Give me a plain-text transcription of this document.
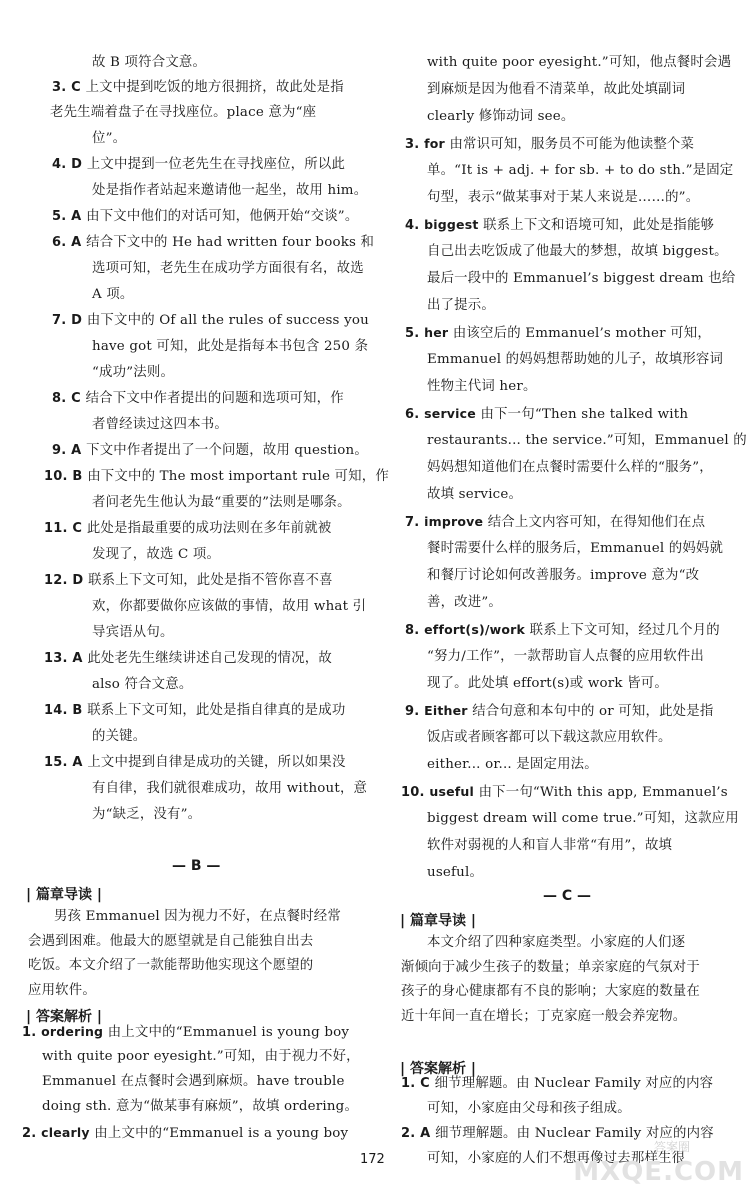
故 B 项符合文意。
3. C 上文中提到吃饭的地方很拥挤，故此处是指
老先生端着盘子在寻找座位。place 意为“座
位”。
4. D 上文中提到一位老先生在寻找座位，所以此
处是指作者站起来邀请他一起坐，故用 him。
5. A 由下文中他们的对话可知，他俩开始“交谈”。
6. A 结合下文中的 He had written four books 和
选项可知，老先生在成功学方面很有名，故选
A 项。
7. D 由下文中的 Of all the rules of success you
have got 可知，此处是指每本书包含 250 条
“成功”法则。
8. C 结合下文中作者提出的问题和选项可知，作
者曾经读过这四本书。
9. A 下文中作者提出了一个问题，故用 question。
10. B 由下文中的 The most important rule 可知，作
者问老先生他认为最“重要的”法则是哪条。
11. C 此处是指最重要的成功法则在多年前就被
发现了，故选 C 项。
12. D 联系上下文可知，此处是指不管你喜不喜
欢，你都要做你应该做的事情，故用 what 引
导宾语从句。
13. A 此处老先生继续讲述自己发现的情况，故
also 符合文意。
14. B 联系上下文可知，此处是指自律真的是成功
的关键。
15. A 上文中提到自律是成功的关键，所以如果没
有自律，我们就很难成功，故用 without，意
为“缺乏，没有”。
with quite poor eyesight.”可知，他点餐时会遇
到麻烦是因为他看不清菜单，故此处填副词
clearly 修饰动词 see。
3. for 由常识可知，服务员不可能为他读整个菜
单。“It is + adj. + for sb. + to do sth.”是固定
句型，表示“做某事对于某人来说是……的”。
4. biggest 联系上下文和语境可知，此处是指能够
自己出去吃饭成了他最大的梦想，故填 biggest。
最后一段中的 Emmanuel’s biggest dream 也给
出了提示。
5. her 由该空后的 Emmanuel’s mother 可知，
Emmanuel 的妈妈想帮助她的儿子，故填形容词
性物主代词 her。
6. service 由下一句“Then she talked with
restaurants... the service.”可知，Emmanuel 的
妈妈想知道他们在点餐时需要什么样的“服务”，
故填 service。
7. improve 结合上文内容可知，在得知他们在点
餐时需要什么样的服务后，Emmanuel 的妈妈就
和餐厅讨论如何改善服务。improve 意为“改
善，改进”。
8. effort(s)/work 联系上下文可知，经过几个月的
“努力/工作”，一款帮助盲人点餐的应用软件出
现了。此处填 effort(s)或 work 皆可。
9. Either 结合句意和本句中的 or 可知，此处是指
饭店或者顾客都可以下载这款应用软件。
either... or... 是固定用法。
10. useful 由下一句“With this app, Emmanuel’s
biggest dream will come true.”可知，这款应用
软件对弱视的人和盲人非常“有用”，故填
useful。
— B —
— C —
| 篇章导读 |
男孩 Emmanuel 因为视力不好，在点餐时经常
会遇到困难。他最大的愿望就是自己能独自出去
吃饭。本文介绍了一款能帮助他实现这个愿望的
应用软件。
| 答案解析 |
1. ordering 由上文中的“Emmanuel is young boy
with quite poor eyesight.”可知，由于视力不好，
Emmanuel 在点餐时会遇到麻烦。have trouble
doing sth. 意为“做某事有麻烦”，故填 ordering。
2. clearly 由上文中的“Emmanuel is a young boy
| 篇章导读 |
本文介绍了四种家庭类型。小家庭的人们逐
渐倾向于减少生孩子的数量；单亲家庭的气氛对于
孩子的身心健康都有不良的影响；大家庭的数量在
近十年间一直在增长；丁克家庭一般会养宠物。
| 答案解析 |
1. C 细节理解题。由 Nuclear Family 对应的内容
可知，小家庭由父母和孩子组成。
2. A 细节理解题。由 Nuclear Family 对应的内容
可知，小家庭的人们不想再像过去那样生很
172
答案圈
MXQE.COM
